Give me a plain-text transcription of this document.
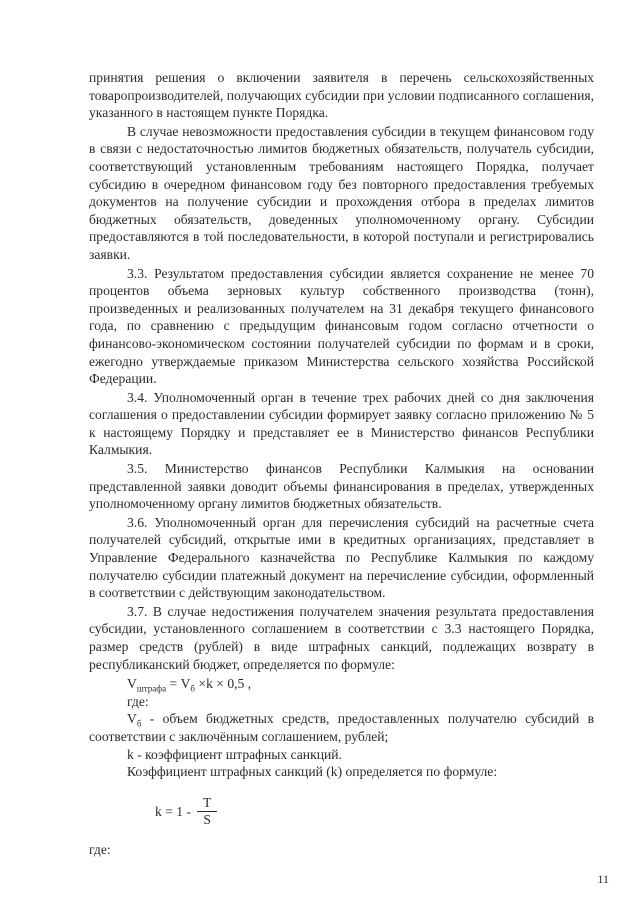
принятия решения о включении заявителя в перечень сельскохозяйственных товаропроизводителей, получающих субсидии при условии подписанного соглашения, указанного в настоящем пункте Порядка.

В случае невозможности предоставления субсидии в текущем финансовом году в связи с недостаточностью лимитов бюджетных обязательств, получатель субсидии, соответствующий установленным требованиям настоящего Порядка, получает субсидию в очередном финансовом году без повторного предоставления требуемых документов на получение субсидии и прохождения отбора в пределах лимитов бюджетных обязательств, доведенных уполномоченному органу. Субсидии предоставляются в той последовательности, в которой поступали и регистрировались заявки.

3.3. Результатом предоставления субсидии является сохранение не менее 70 процентов объема зерновых культур собственного производства (тонн), произведенных и реализованных получателем на 31 декабря текущего финансового года, по сравнению с предыдущим финансовым годом согласно отчетности о финансово-экономическом состоянии получателей субсидии по формам и в сроки, ежегодно утверждаемые приказом Министерства сельского хозяйства Российской Федерации.

3.4. Уполномоченный орган в течение трех рабочих дней со дня заключения соглашения о предоставлении субсидии формирует заявку согласно приложению № 5 к настоящему Порядку и представляет ее в Министерство финансов Республики Калмыкия.

3.5. Министерство финансов Республики Калмыкия на основании представленной заявки доводит объемы финансирования в пределах, утвержденных уполномоченному органу лимитов бюджетных обязательств.

3.6. Уполномоченный орган для перечисления субсидий на расчетные счета получателей субсидий, открытые ими в кредитных организациях, представляет в Управление Федерального казначейства по Республике Калмыкия по каждому получателю субсидии платежный документ на перечисление субсидии, оформленный в соответствии с действующим законодательством.

3.7. В случае недостижения получателем значения результата предоставления субсидии, установленного соглашением в соответствии с 3.3 настоящего Порядка, размер средств (рублей) в виде штрафных санкций, подлежащих возврату в республиканский бюджет, определяется по формуле:

$V_{штрафа} = V_б \times k \times 0,5$ ,

где:

$V_б$ - объем бюджетных средств, предоставленных получателю субсидий в соответствии с заключённым соглашением, рублей;

k - коэффициент штрафных санкций.

Коэффициент штрафных санкций (k) определяется по формуле:

$k = 1 - \frac{T}{S}$

где:

11
